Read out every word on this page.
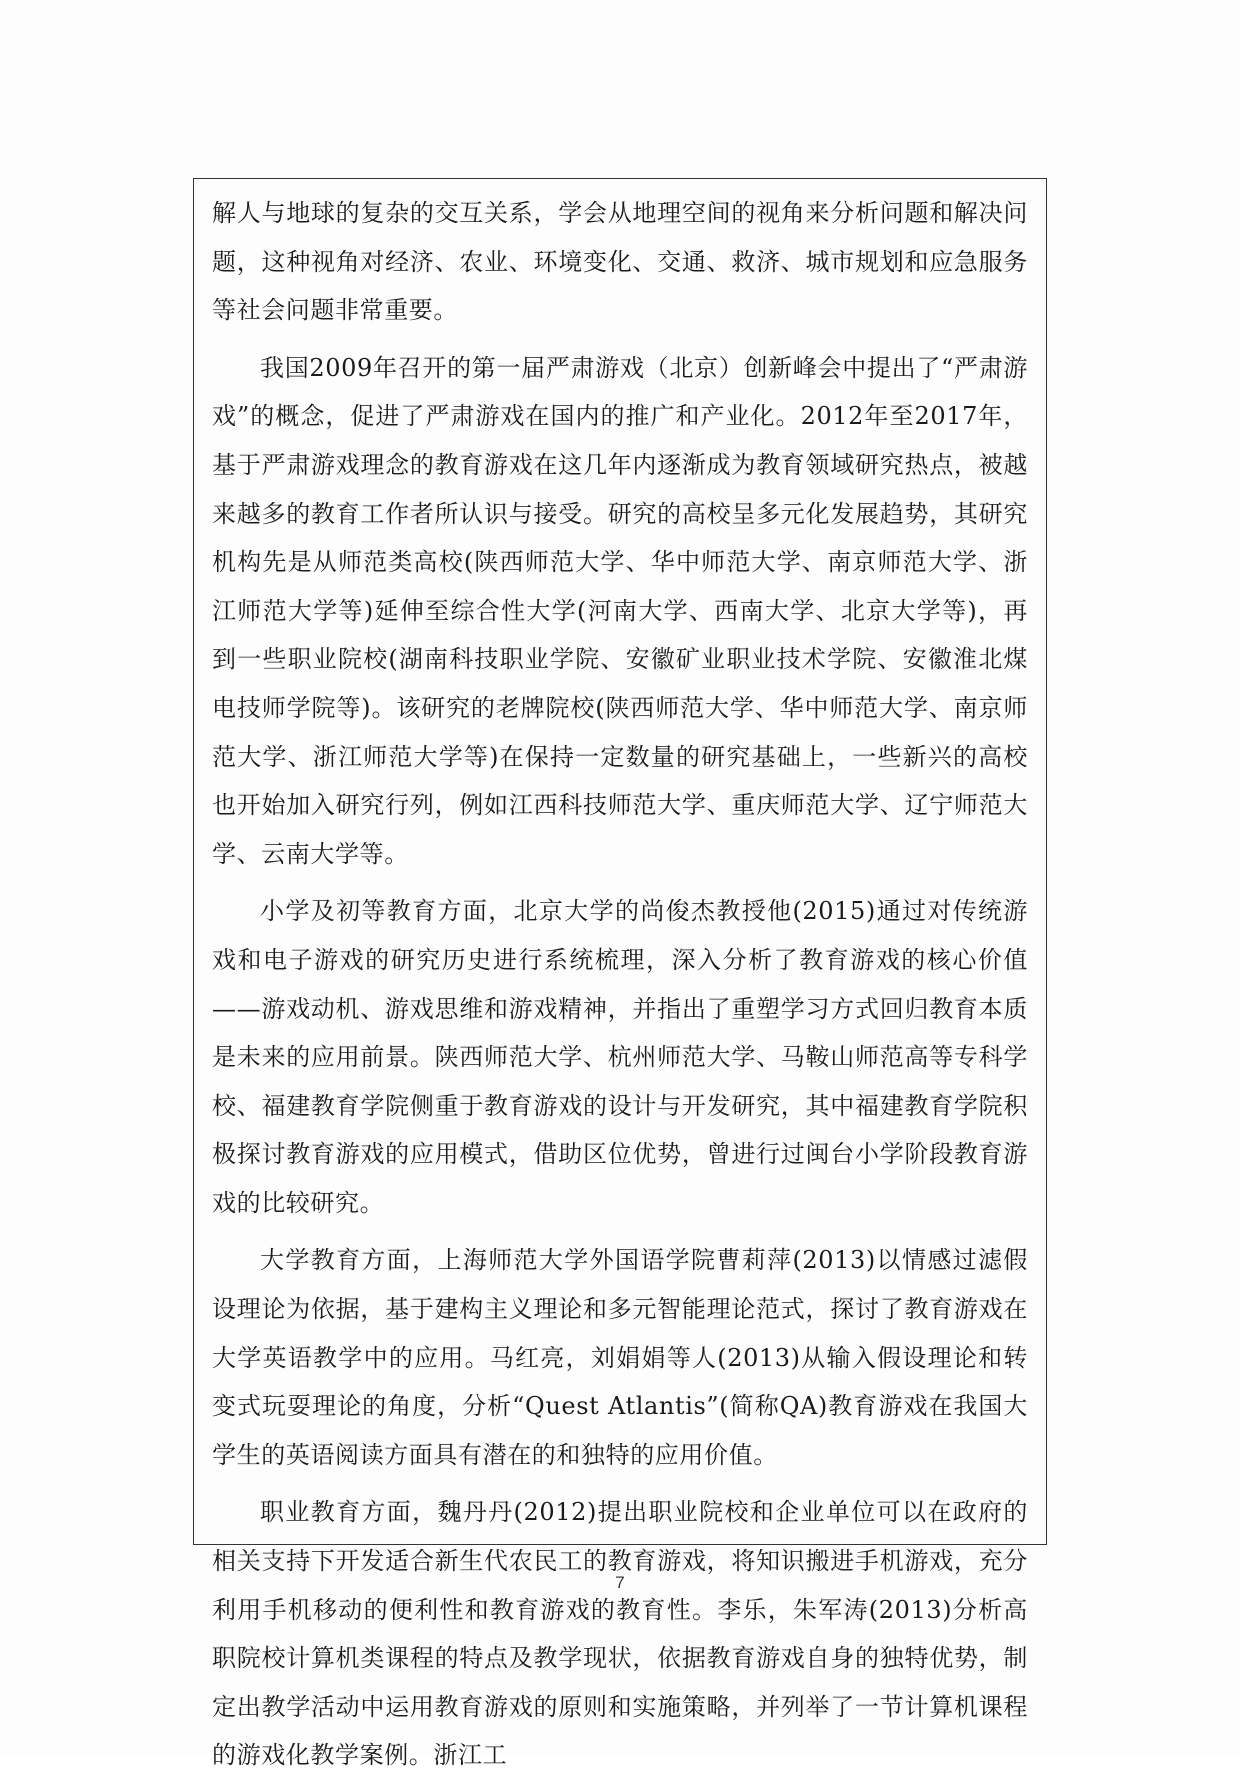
解人与地球的复杂的交互关系，学会从地理空间的视角来分析问题和解决问题，这种视角对经济、农业、环境变化、交通、救济、城市规划和应急服务等社会问题非常重要。

我国2009年召开的第一届严肃游戏（北京）创新峰会中提出了“严肃游戏”的概念，促进了严肃游戏在国内的推广和产业化。2012年至2017年，基于严肃游戏理念的教育游戏在这几年内逐渐成为教育领域研究热点，被越来越多的教育工作者所认识与接受。研究的高校呈多元化发展趋势，其研究机构先是从师范类高校(陕西师范大学、华中师范大学、南京师范大学、浙江师范大学等)延伸至综合性大学(河南大学、西南大学、北京大学等)，再到一些职业院校(湖南科技职业学院、安徽矿业职业技术学院、安徽淮北煤电技师学院等)。该研究的老牌院校(陕西师范大学、华中师范大学、南京师范大学、浙江师范大学等)在保持一定数量的研究基础上，一些新兴的高校也开始加入研究行列，例如江西科技师范大学、重庆师范大学、辽宁师范大学、云南大学等。

小学及初等教育方面，北京大学的尚俊杰教授他(2015)通过对传统游戏和电子游戏的研究历史进行系统梳理，深入分析了教育游戏的核心价值——游戏动机、游戏思维和游戏精神，并指出了重塑学习方式回归教育本质是未来的应用前景。陕西师范大学、杭州师范大学、马鞍山师范高等专科学校、福建教育学院侧重于教育游戏的设计与开发研究，其中福建教育学院积极探讨教育游戏的应用模式，借助区位优势，曾进行过闽台小学阶段教育游戏的比较研究。

大学教育方面，上海师范大学外国语学院曹莉萍(2013)以情感过滤假设理论为依据，基于建构主义理论和多元智能理论范式，探讨了教育游戏在大学英语教学中的应用。马红亮，刘娟娟等人(2013)从输入假设理论和转变式玩耍理论的角度，分析“Quest Atlantis”(简称QA)教育游戏在我国大学生的英语阅读方面具有潜在的和独特的应用价值。

职业教育方面，魏丹丹(2012)提出职业院校和企业单位可以在政府的相关支持下开发适合新生代农民工的教育游戏，将知识搬进手机游戏，充分利用手机移动的便利性和教育游戏的教育性。李乐，朱军涛(2013)分析高职院校计算机类课程的特点及教学现状，依据教育游戏自身的独特优势，制定出教学活动中运用教育游戏的原则和实施策略，并列举了一节计算机课程的游戏化教学案例。浙江工

7
